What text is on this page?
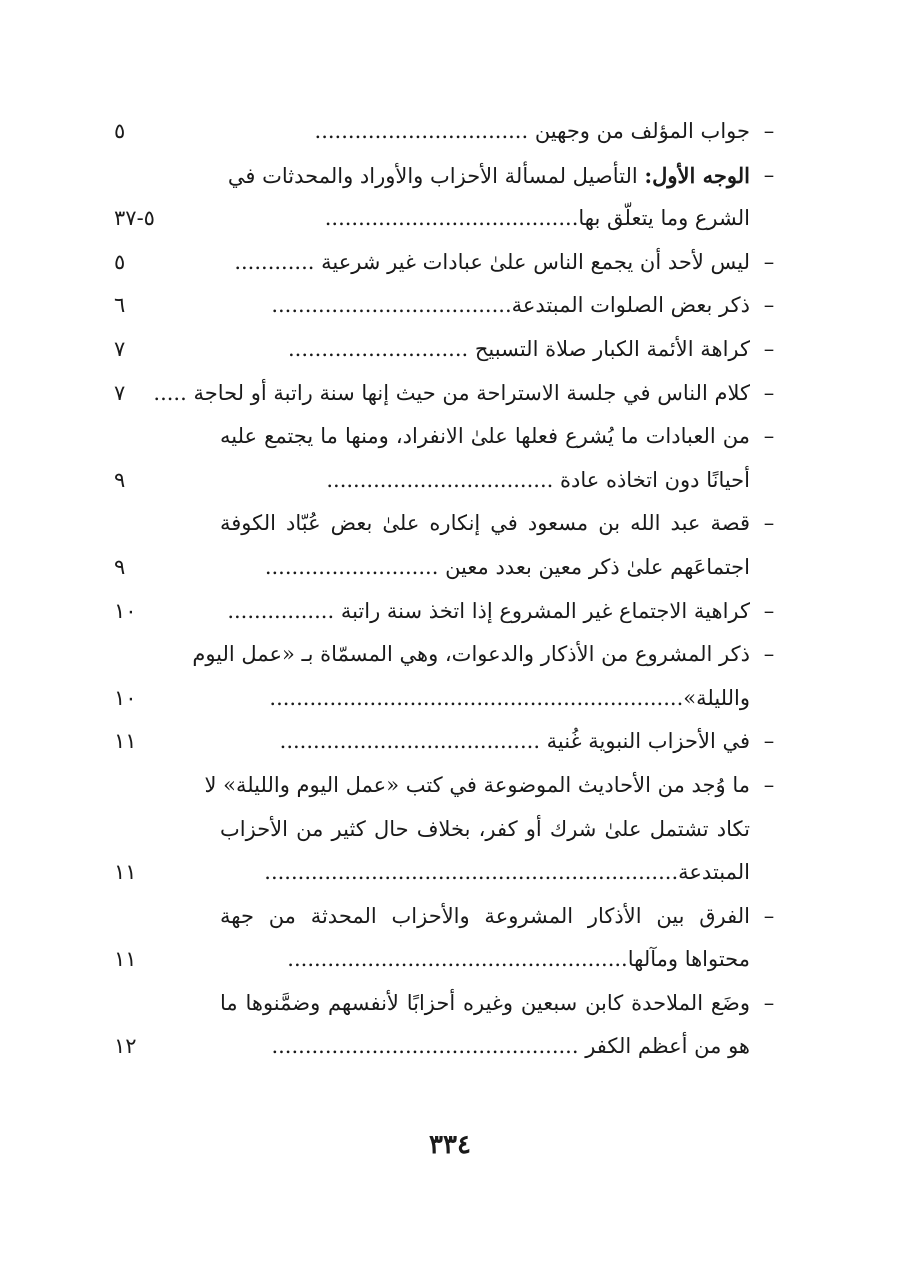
–
جواب المؤلف من وجهين ................................
٥
–
الوجه الأول: التأصيل لمسألة الأحزاب والأوراد والمحدثات في
الشرع وما يتعلّق بها......................................
٥-٣٧
–
ليس لأحد أن يجمع الناس علىٰ عبادات غير شرعية ............
٥
–
ذكر بعض الصلوات المبتدعة....................................
٦
–
كراهة الأئمة الكبار صلاة التسبيح ...........................
٧
–
كلام الناس في جلسة الاستراحة من حيث إنها سنة راتبة أو لحاجة .....
٧
–
من العبادات ما يُشرع فعلها علىٰ الانفراد، ومنها ما يجتمع عليه
أحيانًا دون اتخاذه عادة ..................................
٩
–
قصة عبد الله بن مسعود في إنكاره علىٰ بعض عُبّاد الكوفة
اجتماعَهم علىٰ ذكر معين بعدد معين ..........................
٩
–
كراهية الاجتماع غير المشروع إذا اتخذ سنة راتبة ................
١٠
–
ذكر المشروع من الأذكار والدعوات، وهي المسمّاة بـ «عمل اليوم
والليلة»..............................................................
١٠
–
في الأحزاب النبوية غُنية .......................................
١١
–
ما وُجد من الأحاديث الموضوعة في كتب «عمل اليوم والليلة» لا
تكاد تشتمل علىٰ شرك أو كفر، بخلاف حال كثير من الأحزاب
المبتدعة..............................................................
١١
–
الفرق بين الأذكار المشروعة والأحزاب المحدثة من جهة
محتواها ومآلها...................................................
١١
–
وضَع الملاحدة كابن سبعين وغيره أحزابًا لأنفسهم وضمَّنوها ما
هو من أعظم الكفر ..............................................
١٢
٣٣٤
